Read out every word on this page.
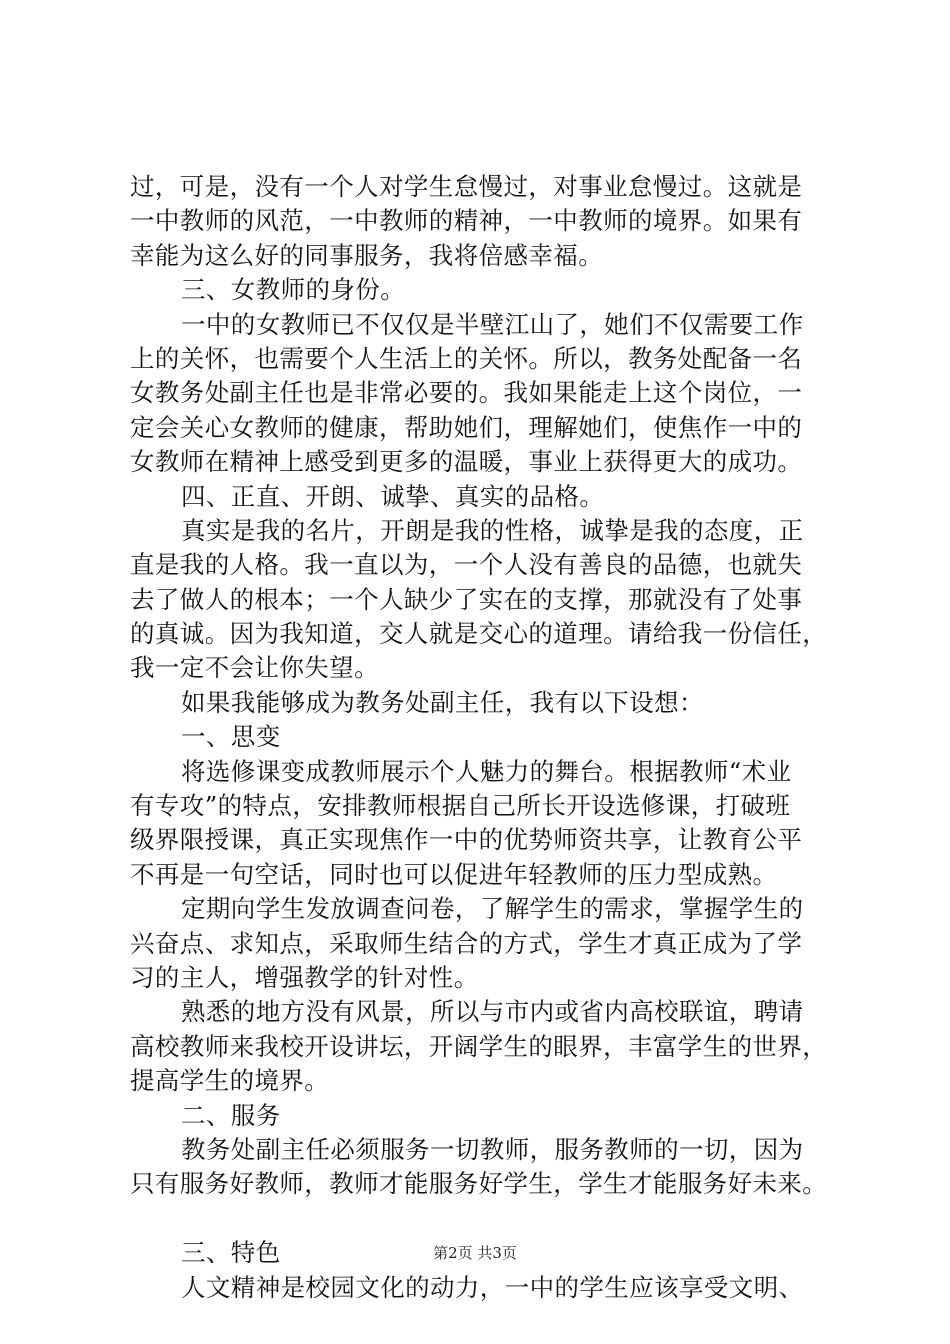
过，可是，没有一个人对学生怠慢过，对事业怠慢过。这就是
一中教师的风范，一中教师的精神，一中教师的境界。如果有
幸能为这么好的同事服务，我将倍感幸福。
三、女教师的身份。
一中的女教师已不仅仅是半壁江山了，她们不仅需要工作
上的关怀，也需要个人生活上的关怀。所以，教务处配备一名
女教务处副主任也是非常必要的。我如果能走上这个岗位，一
定会关心女教师的健康，帮助她们，理解她们，使焦作一中的
女教师在精神上感受到更多的温暖，事业上获得更大的成功。
四、正直、开朗、诚挚、真实的品格。
真实是我的名片，开朗是我的性格，诚挚是我的态度，正
直是我的人格。我一直以为，一个人没有善良的品德，也就失
去了做人的根本；一个人缺少了实在的支撑，那就没有了处事
的真诚。因为我知道，交人就是交心的道理。请给我一份信任，
我一定不会让你失望。
如果我能够成为教务处副主任，我有以下设想：
一、思变
将选修课变成教师展示个人魅力的舞台。根据教师“术业
有专攻”的特点，安排教师根据自己所长开设选修课，打破班
级界限授课，真正实现焦作一中的优势师资共享，让教育公平
不再是一句空话，同时也可以促进年轻教师的压力型成熟。
定期向学生发放调查问卷，了解学生的需求，掌握学生的
兴奋点、求知点，采取师生结合的方式，学生才真正成为了学
习的主人，增强教学的针对性。
熟悉的地方没有风景，所以与市内或省内高校联谊，聘请
高校教师来我校开设讲坛，开阔学生的眼界，丰富学生的世界，
提高学生的境界。
二、服务
教务处副主任必须服务一切教师，服务教师的一切，因为
只有服务好教师，教师才能服务好学生，学生才能服务好未来。
三、特色
人文精神是校园文化的动力，一中的学生应该享受文明、
第2页 共3页
